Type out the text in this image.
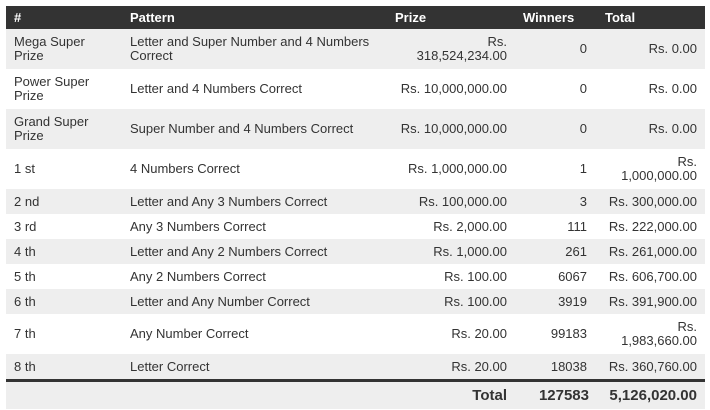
#	Pattern	Prize	Winners	Total
Mega Super Prize	Letter and Super Number and 4 Numbers Correct	Rs. 318,524,234.00	0	Rs. 0.00
Power Super Prize	Letter and 4 Numbers Correct	Rs. 10,000,000.00	0	Rs. 0.00
Grand Super Prize	Super Number and 4 Numbers Correct	Rs. 10,000,000.00	0	Rs. 0.00
1 st	4 Numbers Correct	Rs. 1,000,000.00	1	Rs. 1,000,000.00
2 nd	Letter and Any 3 Numbers Correct	Rs. 100,000.00	3	Rs. 300,000.00
3 rd	Any 3 Numbers Correct	Rs. 2,000.00	111	Rs. 222,000.00
4 th	Letter and Any 2 Numbers Correct	Rs. 1,000.00	261	Rs. 261,000.00
5 th	Any 2 Numbers Correct	Rs. 100.00	6067	Rs. 606,700.00
6 th	Letter and Any Number Correct	Rs. 100.00	3919	Rs. 391,900.00
7 th	Any Number Correct	Rs. 20.00	99183	Rs. 1,983,660.00
8 th	Letter Correct	Rs. 20.00	18038	Rs. 360,760.00
		Total	127583	5,126,020.00
